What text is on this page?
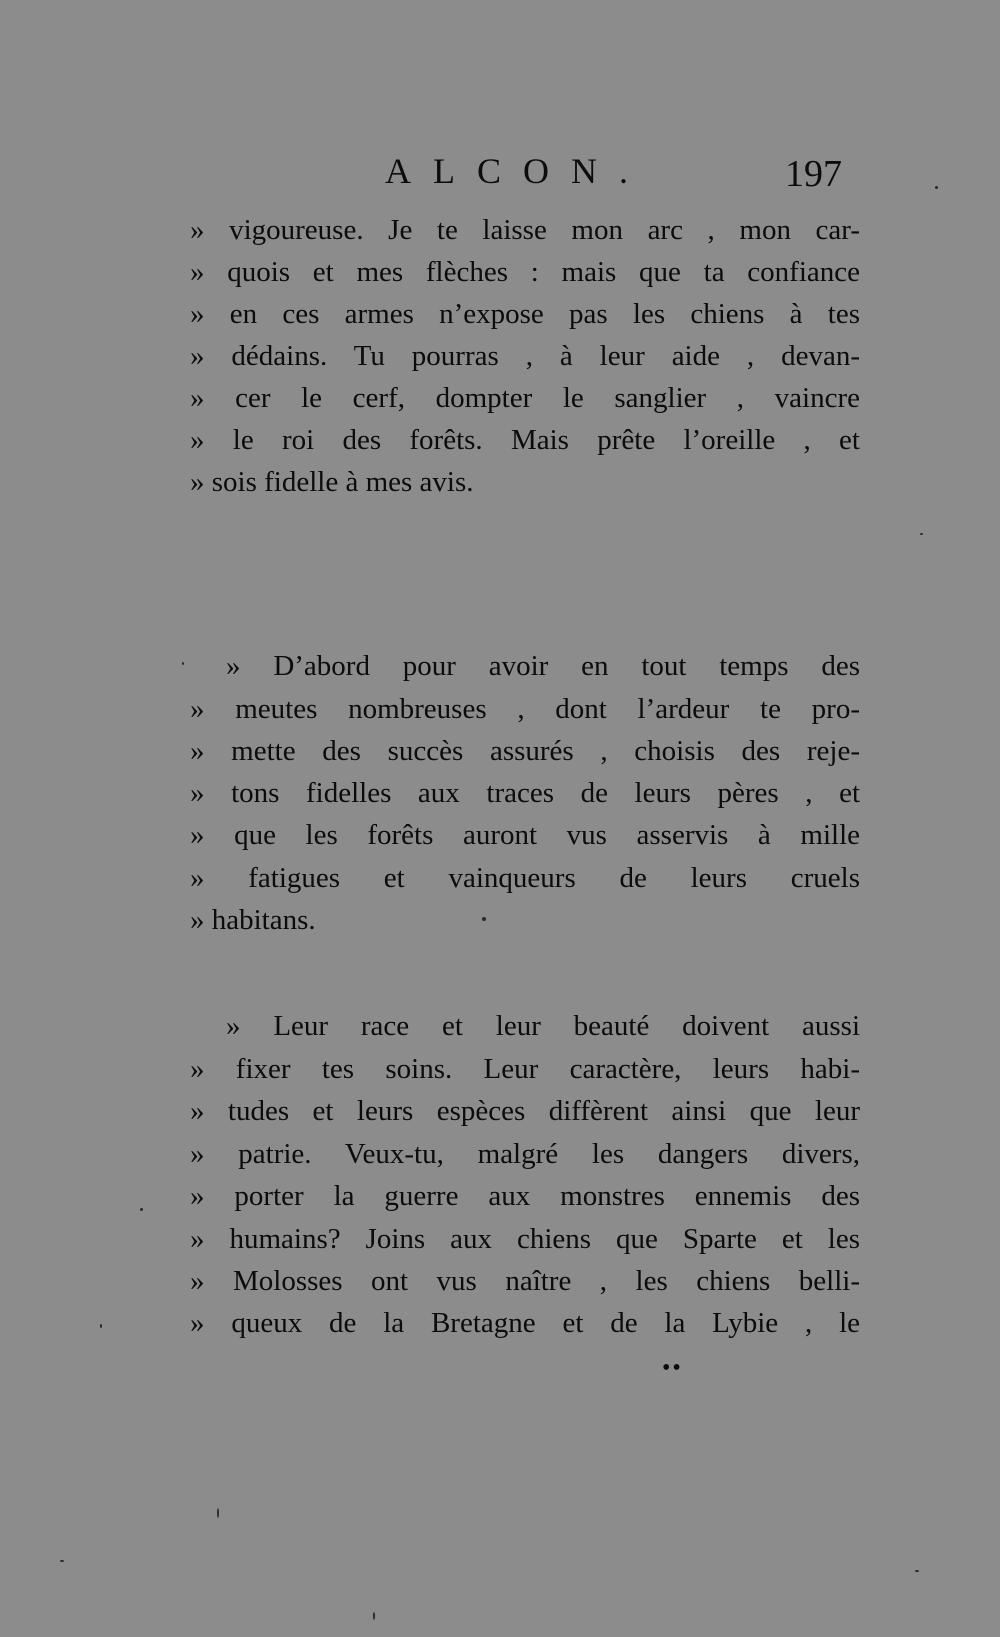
ALCON.	197
» vigoureuse. Je te laisse mon arc , mon car-
» quois et mes flèches : mais que ta confiance
» en ces armes n’expose pas les chiens à tes
» dédains. Tu pourras , à leur aide , devan-
» cer le cerf, dompter le sanglier , vaincre
» le roi des forêts. Mais prête l’oreille , et
» sois fidelle à mes avis.
» D’abord pour avoir en tout temps des
» meutes nombreuses , dont l’ardeur te pro-
» mette des succès assurés , choisis des reje-
» tons fidelles aux traces de leurs pères , et
» que les forêts auront vus asservis à mille
» fatigues et vainqueurs de leurs cruels
» habitans.
» Leur race et leur beauté doivent aussi
» fixer tes soins. Leur caractère, leurs habi-
» tudes et leurs espèces diffèrent ainsi que leur
» patrie. Veux-tu, malgré les dangers divers,
» porter la guerre aux monstres ennemis des
» humains? Joins aux chiens que Sparte et les
» Molosses ont vus naître , les chiens belli-
» queux de la Bretagne et de la Lybie , le
••
